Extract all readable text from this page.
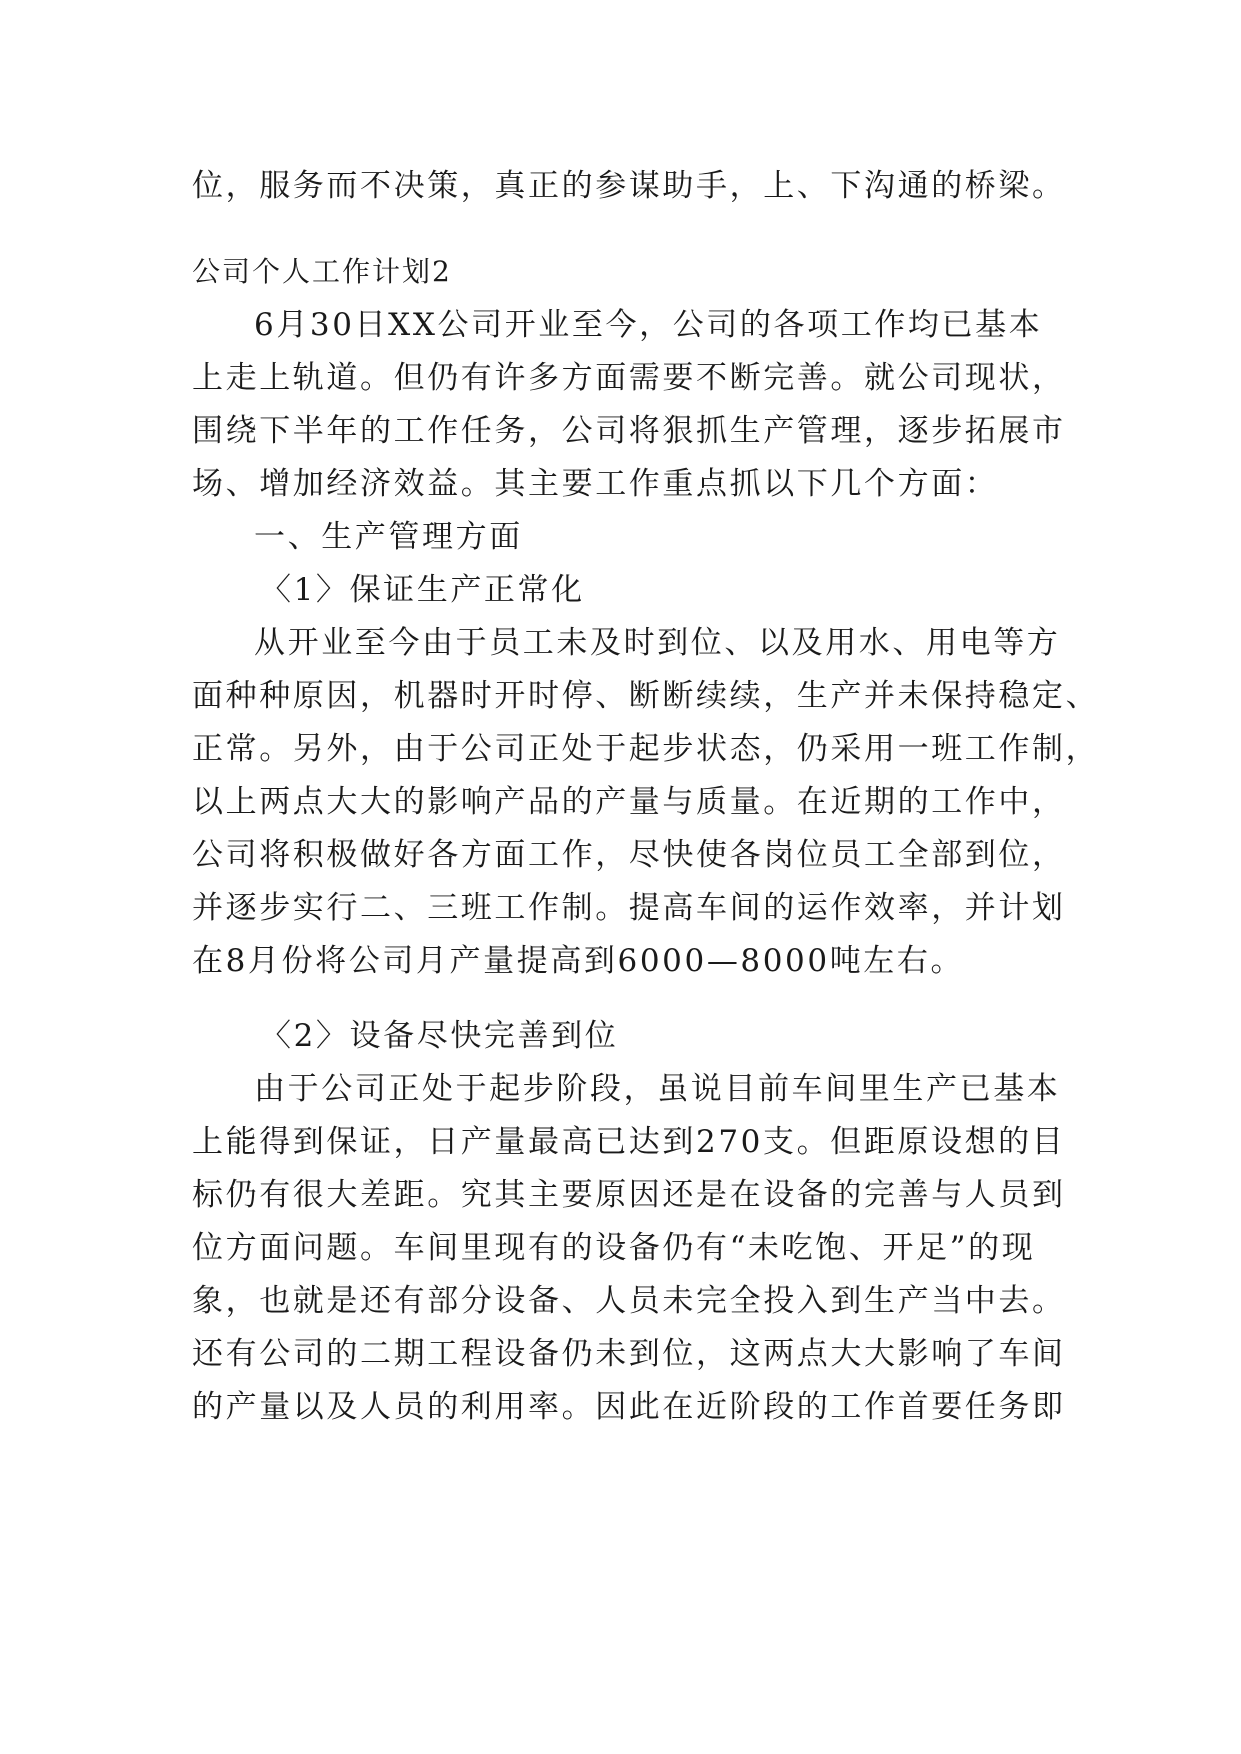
位，服务而不决策，真正的参谋助手，上、下沟通的桥梁。
公司个人工作计划2
6月30日XX公司开业至今，公司的各项工作均已基本
上走上轨道。但仍有许多方面需要不断完善。就公司现状，
围绕下半年的工作任务，公司将狠抓生产管理，逐步拓展市
场、增加经济效益。其主要工作重点抓以下几个方面：
一、生产管理方面
〈1〉保证生产正常化
从开业至今由于员工未及时到位、以及用水、用电等方
面种种原因，机器时开时停、断断续续，生产并未保持稳定、
正常。另外，由于公司正处于起步状态，仍采用一班工作制，
以上两点大大的影响产品的产量与质量。在近期的工作中，
公司将积极做好各方面工作，尽快使各岗位员工全部到位，
并逐步实行二、三班工作制。提高车间的运作效率，并计划
在8月份将公司月产量提高到6000—8000吨左右。
〈2〉设备尽快完善到位
由于公司正处于起步阶段，虽说目前车间里生产已基本
上能得到保证，日产量最高已达到270支。但距原设想的目
标仍有很大差距。究其主要原因还是在设备的完善与人员到
位方面问题。车间里现有的设备仍有“未吃饱、开足”的现
象，也就是还有部分设备、人员未完全投入到生产当中去。
还有公司的二期工程设备仍未到位，这两点大大影响了车间
的产量以及人员的利用率。因此在近阶段的工作首要任务即
